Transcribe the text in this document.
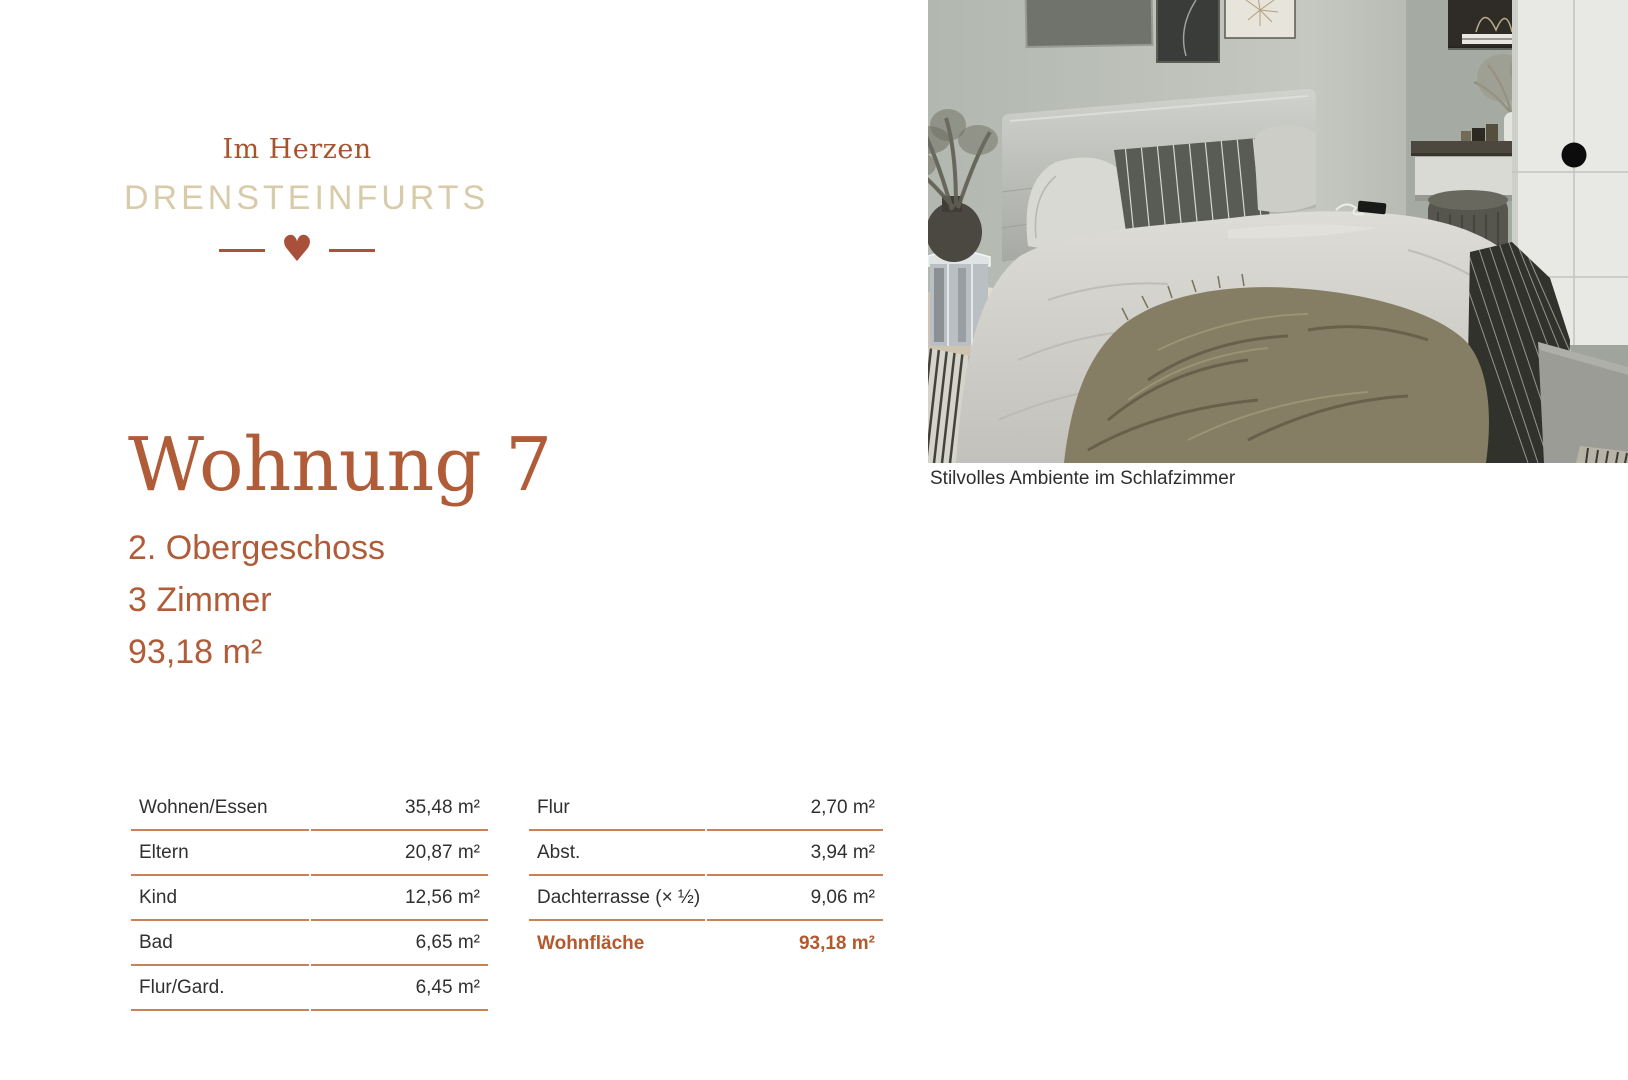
Im Herzen
DRENSTEINFURTS
♥
Wohnung 7
2. Obergeschoss
3 Zimmer
93,18 m²
Wohnen/Essen	35,48 m²
Eltern	20,87 m²
Kind	12,56 m²
Bad	6,65 m²
Flur/Gard.	6,45 m²
Flur	2,70 m²
Abst.	3,94 m²
Dachterrasse (× ½)	9,06 m²
Wohnfläche	93,18 m²
Stilvolles Ambiente im Schlafzimmer
